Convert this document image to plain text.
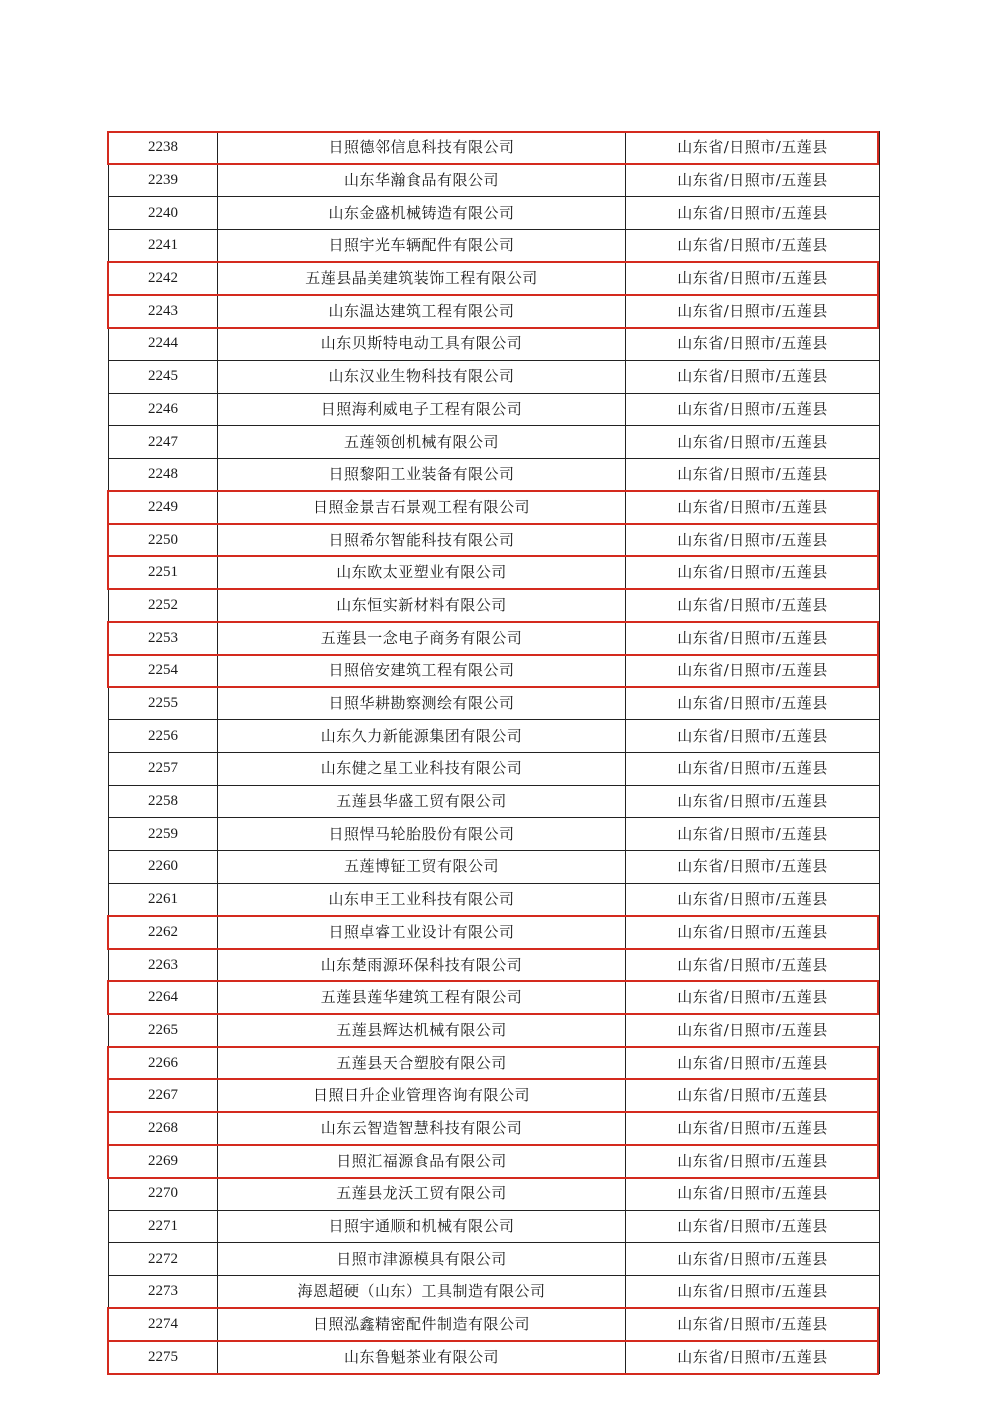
2238	日照德邻信息科技有限公司	山东省/日照市/五莲县
2239	山东华瀚食品有限公司	山东省/日照市/五莲县
2240	山东金盛机械铸造有限公司	山东省/日照市/五莲县
2241	日照宇光车辆配件有限公司	山东省/日照市/五莲县
2242	五莲县晶美建筑装饰工程有限公司	山东省/日照市/五莲县
2243	山东温达建筑工程有限公司	山东省/日照市/五莲县
2244	山东贝斯特电动工具有限公司	山东省/日照市/五莲县
2245	山东汉业生物科技有限公司	山东省/日照市/五莲县
2246	日照海利威电子工程有限公司	山东省/日照市/五莲县
2247	五莲领创机械有限公司	山东省/日照市/五莲县
2248	日照黎阳工业装备有限公司	山东省/日照市/五莲县
2249	日照金景吉石景观工程有限公司	山东省/日照市/五莲县
2250	日照希尔智能科技有限公司	山东省/日照市/五莲县
2251	山东欧太亚塑业有限公司	山东省/日照市/五莲县
2252	山东恒实新材料有限公司	山东省/日照市/五莲县
2253	五莲县一念电子商务有限公司	山东省/日照市/五莲县
2254	日照倍安建筑工程有限公司	山东省/日照市/五莲县
2255	日照华耕勘察测绘有限公司	山东省/日照市/五莲县
2256	山东久力新能源集团有限公司	山东省/日照市/五莲县
2257	山东健之星工业科技有限公司	山东省/日照市/五莲县
2258	五莲县华盛工贸有限公司	山东省/日照市/五莲县
2259	日照悍马轮胎股份有限公司	山东省/日照市/五莲县
2260	五莲博钲工贸有限公司	山东省/日照市/五莲县
2261	山东申王工业科技有限公司	山东省/日照市/五莲县
2262	日照卓睿工业设计有限公司	山东省/日照市/五莲县
2263	山东楚雨源环保科技有限公司	山东省/日照市/五莲县
2264	五莲县莲华建筑工程有限公司	山东省/日照市/五莲县
2265	五莲县辉达机械有限公司	山东省/日照市/五莲县
2266	五莲县天合塑胶有限公司	山东省/日照市/五莲县
2267	日照日升企业管理咨询有限公司	山东省/日照市/五莲县
2268	山东云智造智慧科技有限公司	山东省/日照市/五莲县
2269	日照汇福源食品有限公司	山东省/日照市/五莲县
2270	五莲县龙沃工贸有限公司	山东省/日照市/五莲县
2271	日照宇通顺和机械有限公司	山东省/日照市/五莲县
2272	日照市津源模具有限公司	山东省/日照市/五莲县
2273	海恩超硬（山东）工具制造有限公司	山东省/日照市/五莲县
2274	日照泓鑫精密配件制造有限公司	山东省/日照市/五莲县
2275	山东鲁魁茶业有限公司	山东省/日照市/五莲县
